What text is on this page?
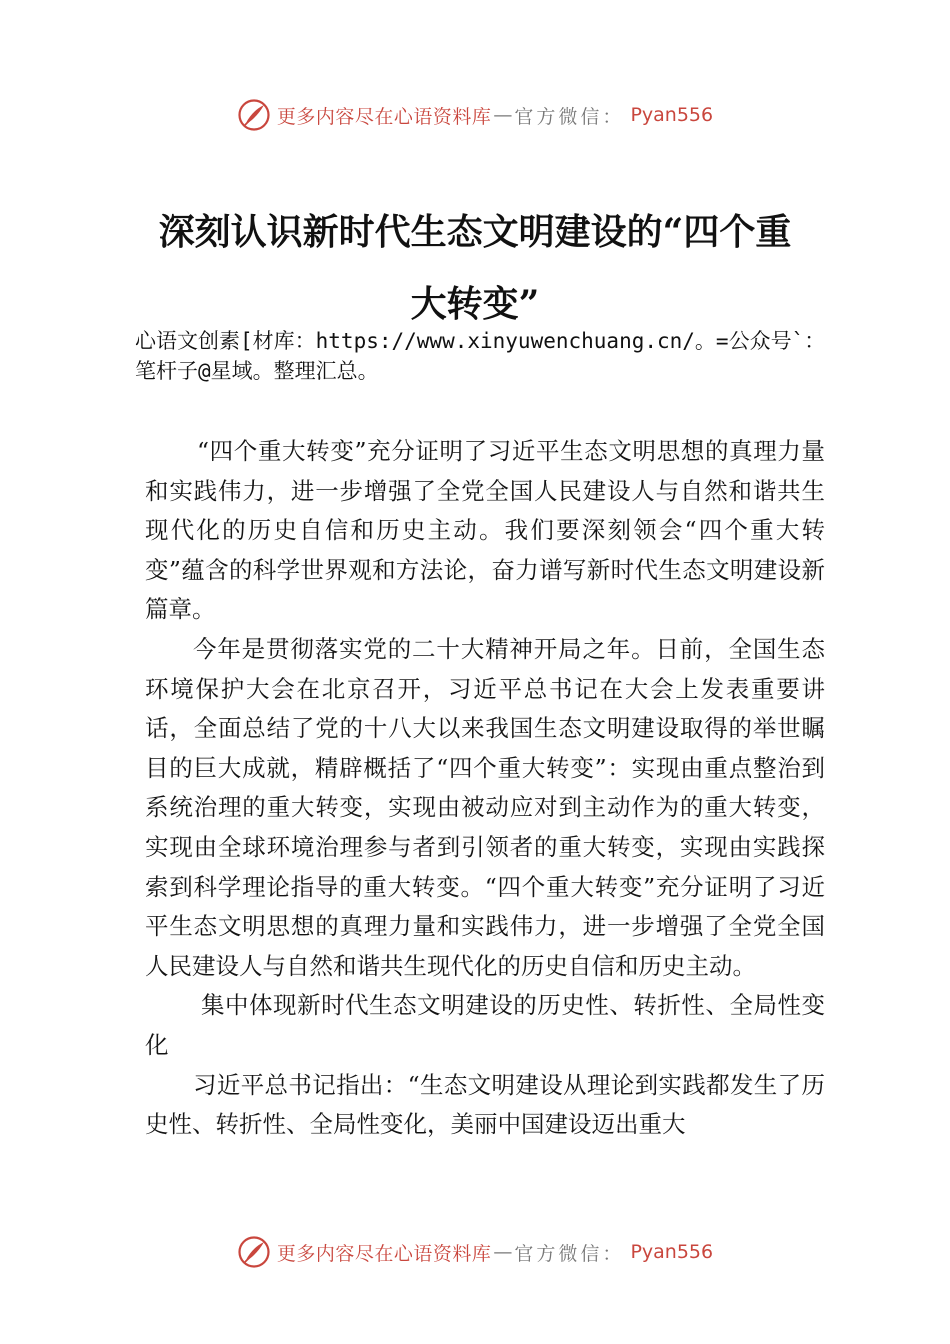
更多内容尽在心语资料库 — 官方微信： Pyan556
深刻认识新时代生态文明建设的“四个重
大转变”

心语文创素[材库：https://www.xinyuwenchuang.cn/。=公众号`：笔杆子@星域。整理汇总。

“四个重大转变”充分证明了习近平生态文明思想的真理力量和实践伟力，进一步增强了全党全国人民建设人与自然和谐共生现代化的历史自信和历史主动。我们要深刻领会“四个重大转变”蕴含的科学世界观和方法论，奋力谱写新时代生态文明建设新篇章。

今年是贯彻落实党的二十大精神开局之年。日前，全国生态环境保护大会在北京召开，习近平总书记在大会上发表重要讲话，全面总结了党的十八大以来我国生态文明建设取得的举世瞩目的巨大成就，精辟概括了“四个重大转变”：实现由重点整治到系统治理的重大转变，实现由被动应对到主动作为的重大转变，实现由全球环境治理参与者到引领者的重大转变，实现由实践探索到科学理论指导的重大转变。“四个重大转变”充分证明了习近平生态文明思想的真理力量和实践伟力，进一步增强了全党全国人民建设人与自然和谐共生现代化的历史自信和历史主动。

集中体现新时代生态文明建设的历史性、转折性、全局性变化

习近平总书记指出：“生态文明建设从理论到实践都发生了历史性、转折性、全局性变化，美丽中国建设迈出重大

更多内容尽在心语资料库 — 官方微信： Pyan556
